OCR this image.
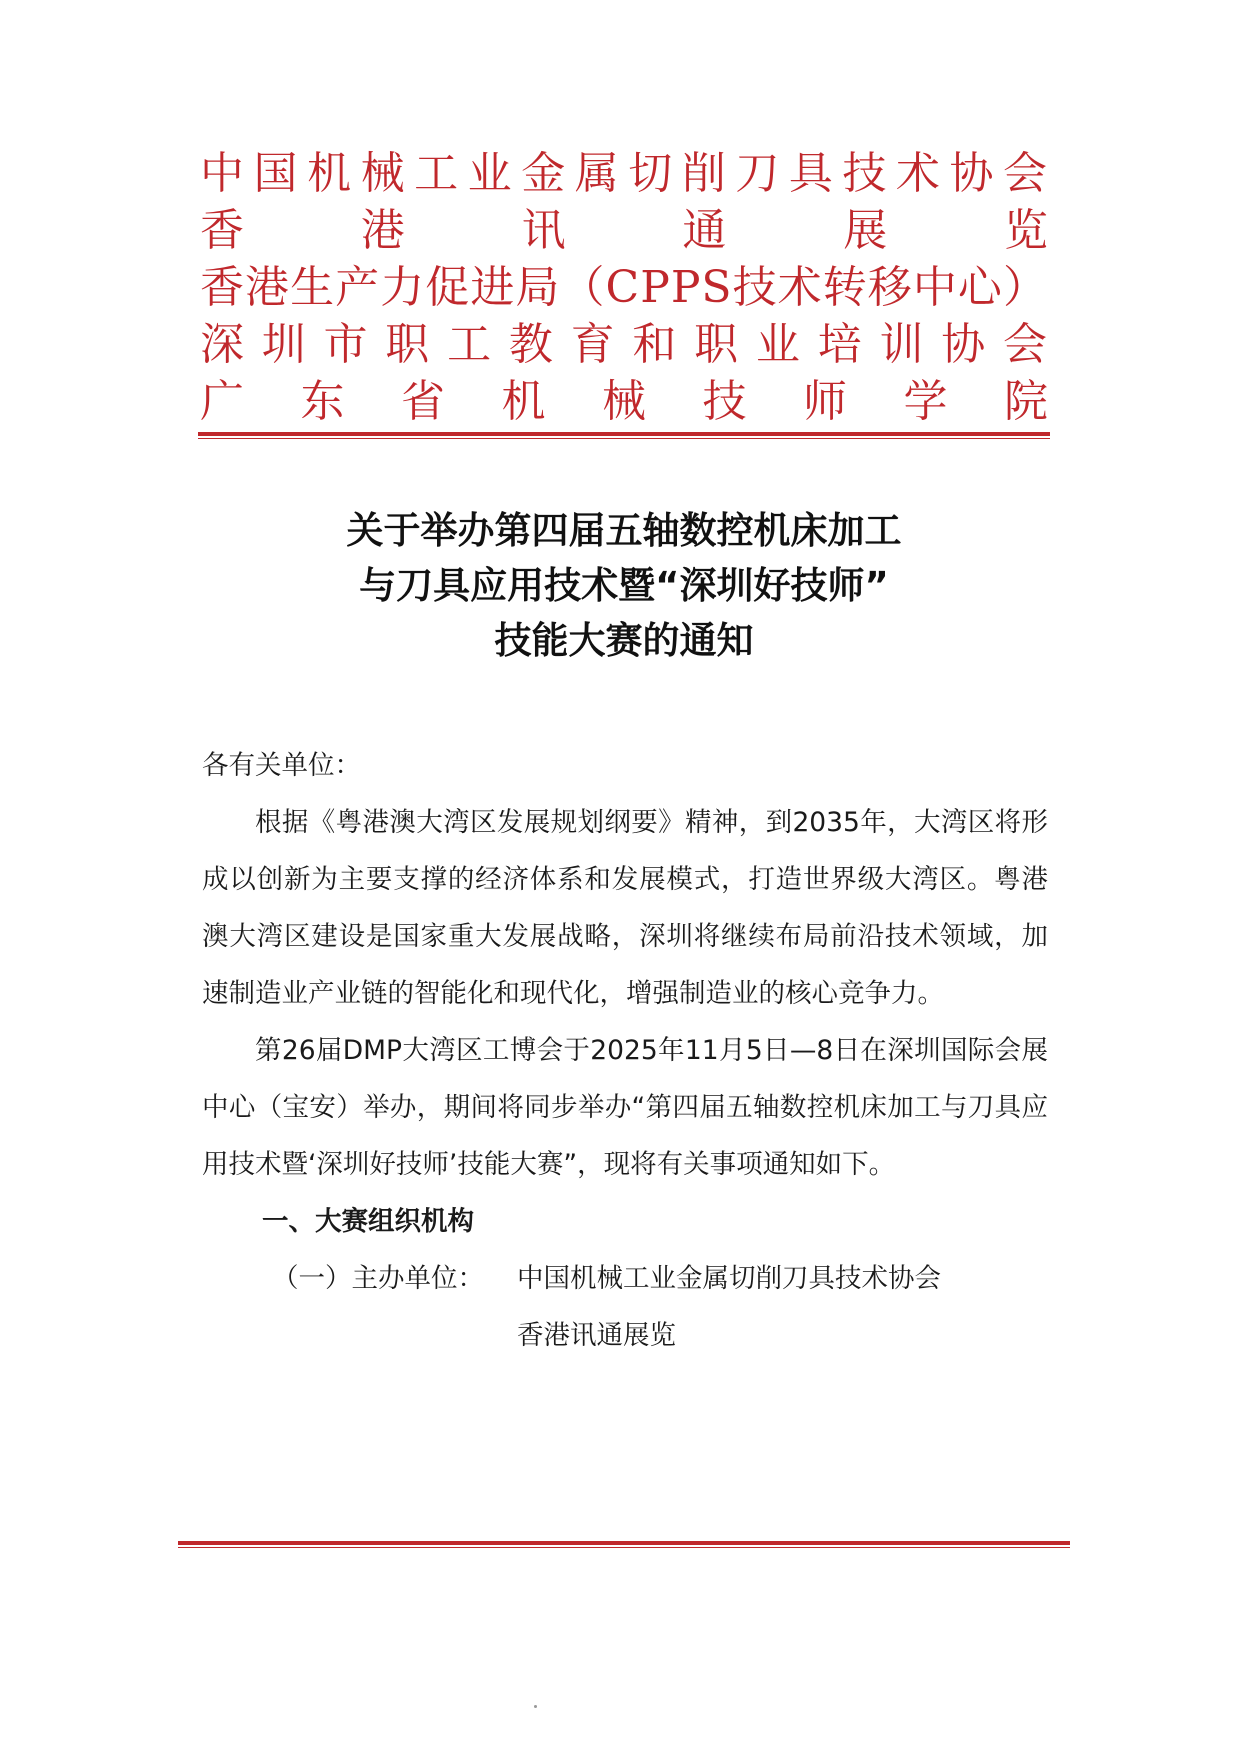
中国机械工业金属切削刀具技术协会
香港讯通展览
香港生产力促进局（CPPS技术转移中心）
深圳市职工教育和职业培训协会
广东省机械技师学院
关于举办第四届五轴数控机床加工
与刀具应用技术暨“深圳好技师”
技能大赛的通知
各有关单位：

根据《粤港澳大湾区发展规划纲要》精神，到2035年，大湾区将形成以创新为主要支撑的经济体系和发展模式，打造世界级大湾区。粤港澳大湾区建设是国家重大发展战略，深圳将继续布局前沿技术领域，加速制造业产业链的智能化和现代化，增强制造业的核心竞争力。

第26届DMP大湾区工博会于2025年11月5日—8日在深圳国际会展中心（宝安）举办，期间将同步举办“第四届五轴数控机床加工与刀具应用技术暨‘深圳好技师’技能大赛”，现将有关事项通知如下。

一、大赛组织机构
（一）主办单位： 中国机械工业金属切削刀具技术协会
香港讯通展览
